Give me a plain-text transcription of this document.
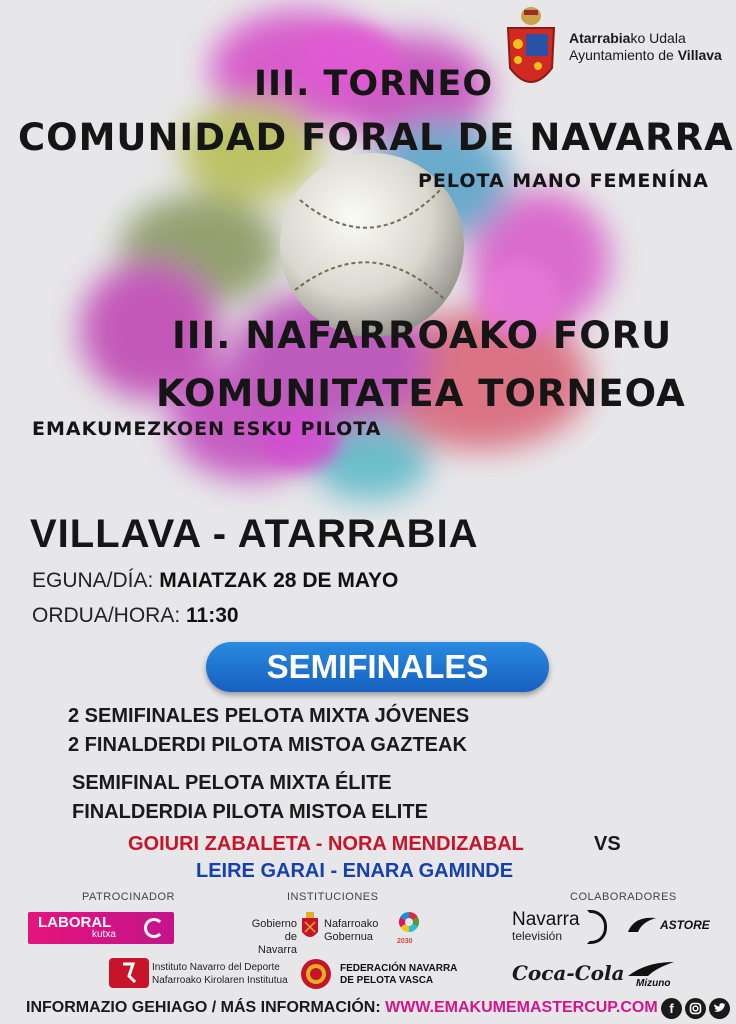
Atarrabiako Udala
Ayuntamiento de Villava
III. TORNEO
COMUNIDAD FORAL DE NAVARRA
PELOTA MANO FEMENÍNA
III. NAFARROAKO FORU
KOMUNITATEA TORNEOA
EMAKUMEZKOEN ESKU PILOTA
VILLAVA - ATARRABIA
EGUNA/DÍA: MAIATZAK 28 DE MAYO
ORDUA/HORA: 11:30
SEMIFINALES
2 SEMIFINALES PELOTA MIXTA JÓVENES
2 FINALDERDI PILOTA MISTOA GAZTEAK
SEMIFINAL PELOTA MIXTA ÉLITE
FINALDERDIA PILOTA MISTOA ELITE
GOIURI ZABALETA - NORA MENDIZABAL	VS
LEIRE GARAI - ENARA GAMINDE
PATROCINADOR	INSTITUCIONES	COLABORADORES
LABORAL
kutxa
Gobierno
de Navarra
Nafarroako
Gobernua	2030
Navarra
televisión
ASTORE
Instituto Navarro del Deporte
Nafarroako Kirolaren Institutua
FEDERACIÓN NAVARRA
DE PELOTA VASCA	Coca-Cola Mizuno
INFORMAZIO GEHIAGO / MÁS INFORMACIÓN: WWW.EMAKUMEMASTERCUP.COM f
